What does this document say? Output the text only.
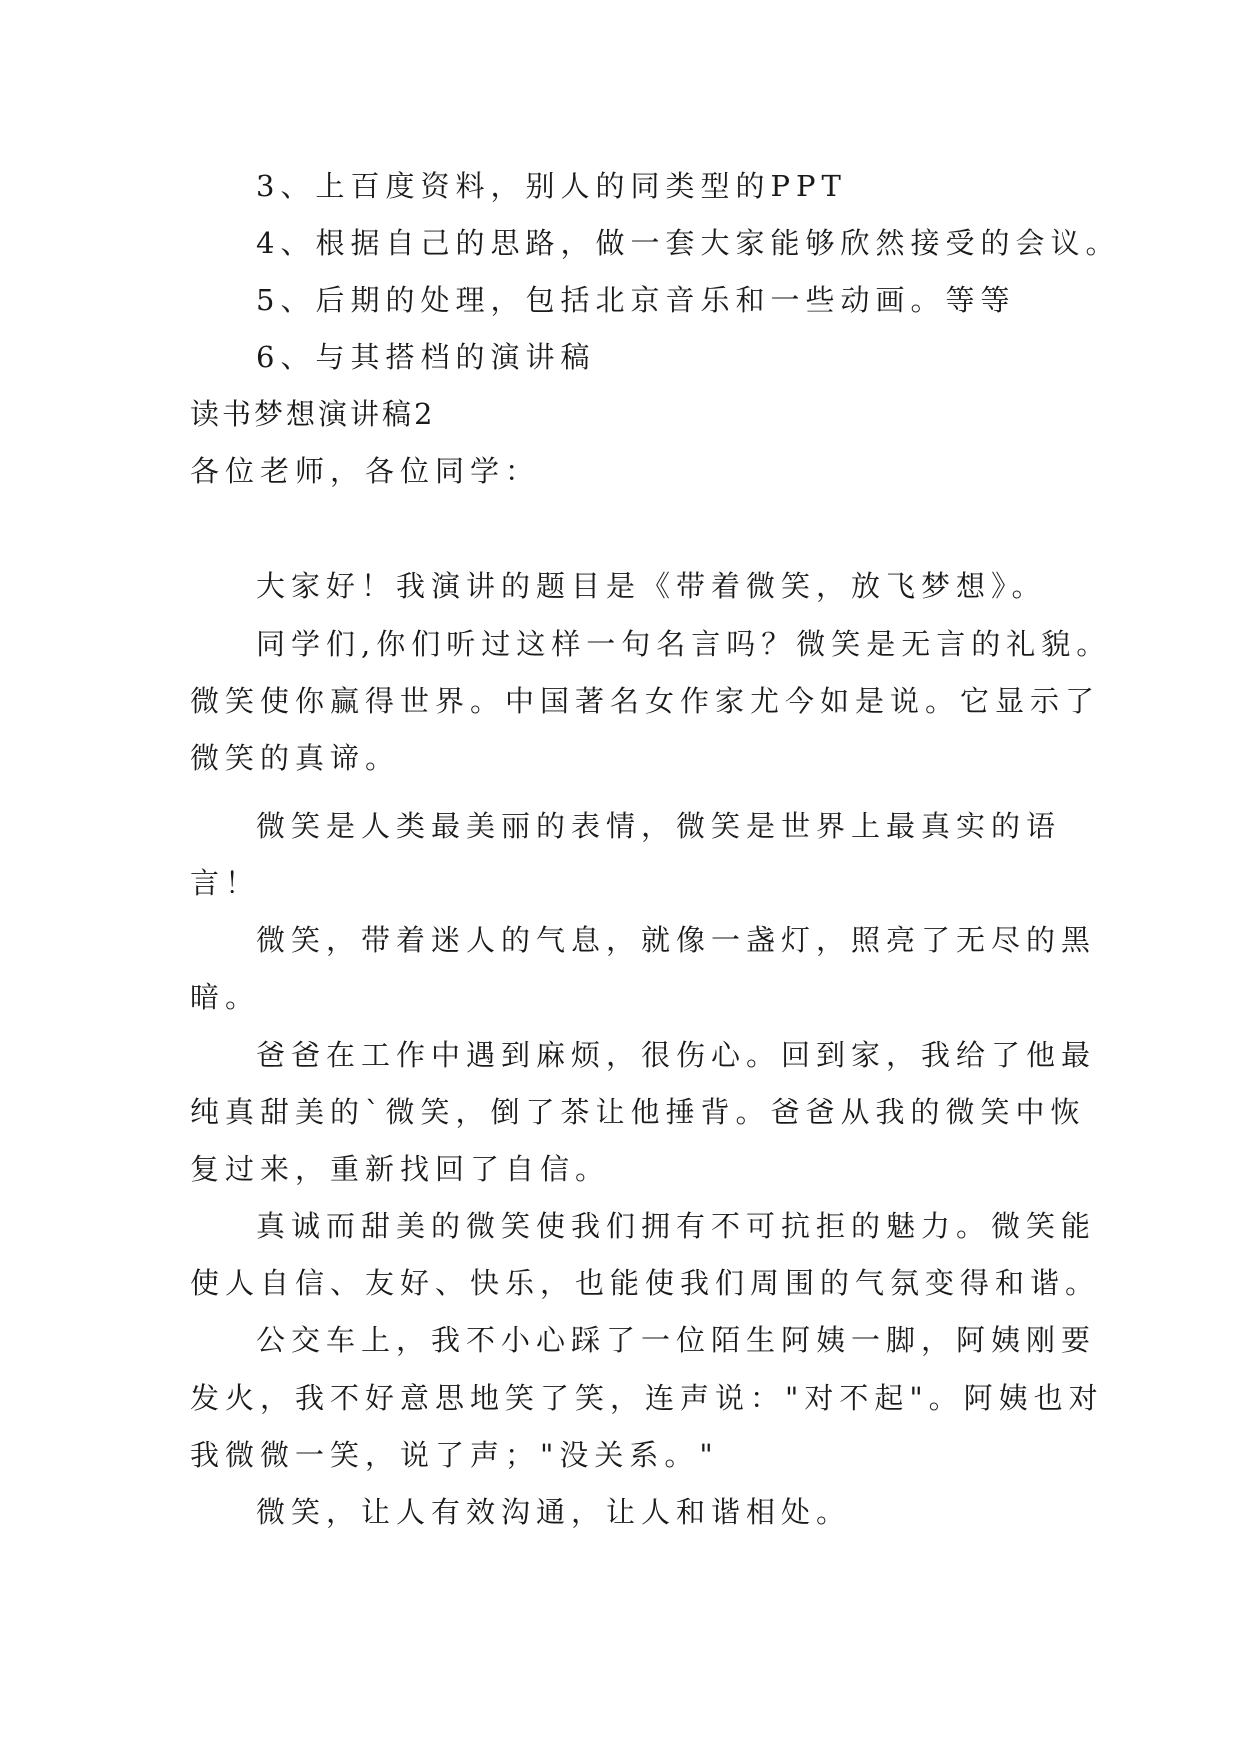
3、上百度资料，别人的同类型的PPT
4、根据自己的思路，做一套大家能够欣然接受的会议。
5、后期的处理，包括北京音乐和一些动画。等等
6、与其搭档的演讲稿
读书梦想演讲稿2
各位老师，各位同学：
大家好！我演讲的题目是《带着微笑，放飞梦想》。
同学们,你们听过这样一句名言吗？微笑是无言的礼貌。
微笑使你赢得世界。中国著名女作家尤今如是说。它显示了
微笑的真谛。
微笑是人类最美丽的表情，微笑是世界上最真实的语
言！
微笑，带着迷人的气息，就像一盏灯，照亮了无尽的黑
暗。
爸爸在工作中遇到麻烦，很伤心。回到家，我给了他最
纯真甜美的`微笑，倒了茶让他捶背。爸爸从我的微笑中恢
复过来，重新找回了自信。
真诚而甜美的微笑使我们拥有不可抗拒的魅力。微笑能
使人自信、友好、快乐，也能使我们周围的气氛变得和谐。
公交车上，我不小心踩了一位陌生阿姨一脚，阿姨刚要
发火，我不好意思地笑了笑，连声说："对不起"。阿姨也对
我微微一笑，说了声；"没关系。"
微笑，让人有效沟通，让人和谐相处。
